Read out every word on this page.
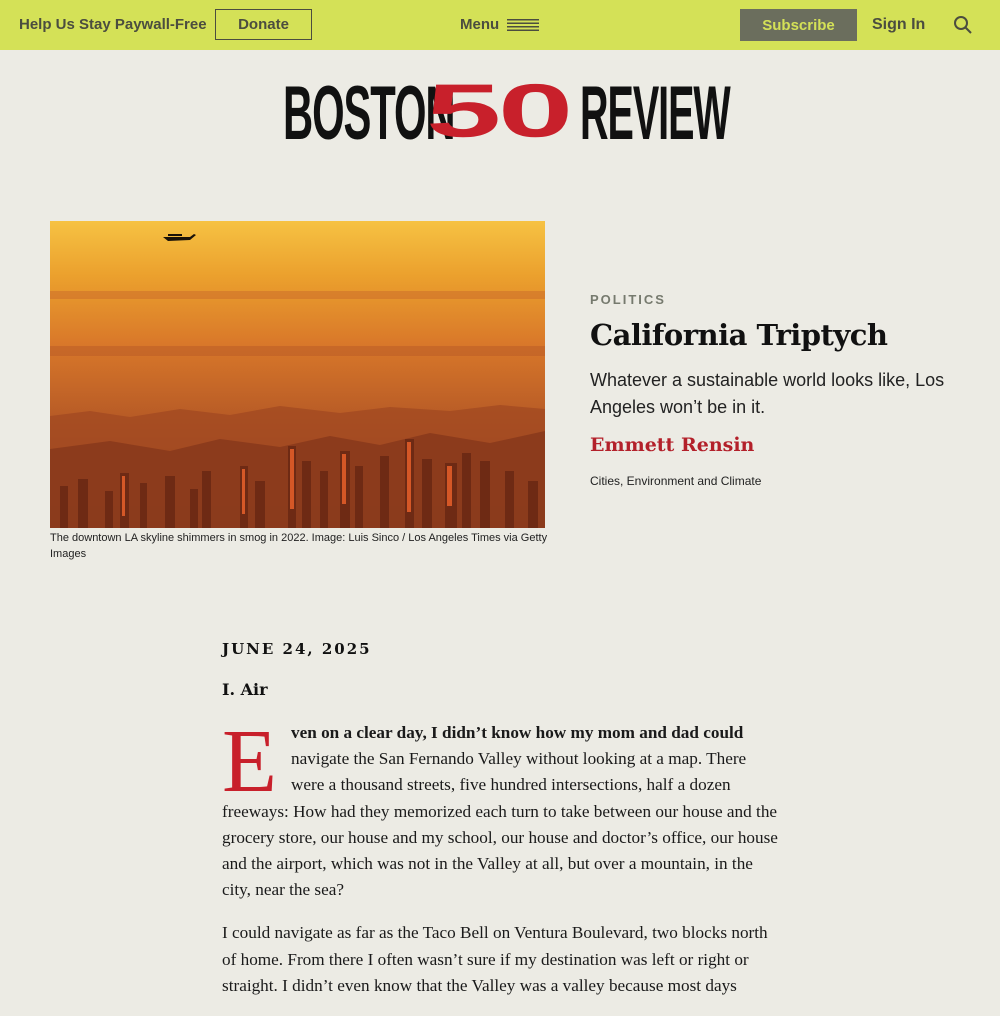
Help Us Stay Paywall-Free	Donate	Menu	Subscribe	Sign In
BOSTON
50 REVIEW
The downtown LA skyline shimmers in smog in 2022. Image: Luis Sinco / Los Angeles Times via Getty Images
POLITICS
California Triptych
Whatever a sustainable world looks like, Los Angeles won’t be in it.
Emmett Rensin
Cities, Environment and Climate
JUNE 24, 2025
I. Air

Even on a clear day, I didn’t know how my mom and dad could navigate the San Fernando Valley without looking at a map. There were a thousand streets, five hundred intersections, half a dozen freeways: How had they memorized each turn to take between our house and the grocery store, our house and my school, our house and doctor’s office, our house and the airport, which was not in the Valley at all, but over a mountain, in the city, near the sea?

I could navigate as far as the Taco Bell on Ventura Boulevard, two blocks north of home. From there I often wasn’t sure if my destination was left or right or straight. I didn’t even know that the Valley was a valley because most days
